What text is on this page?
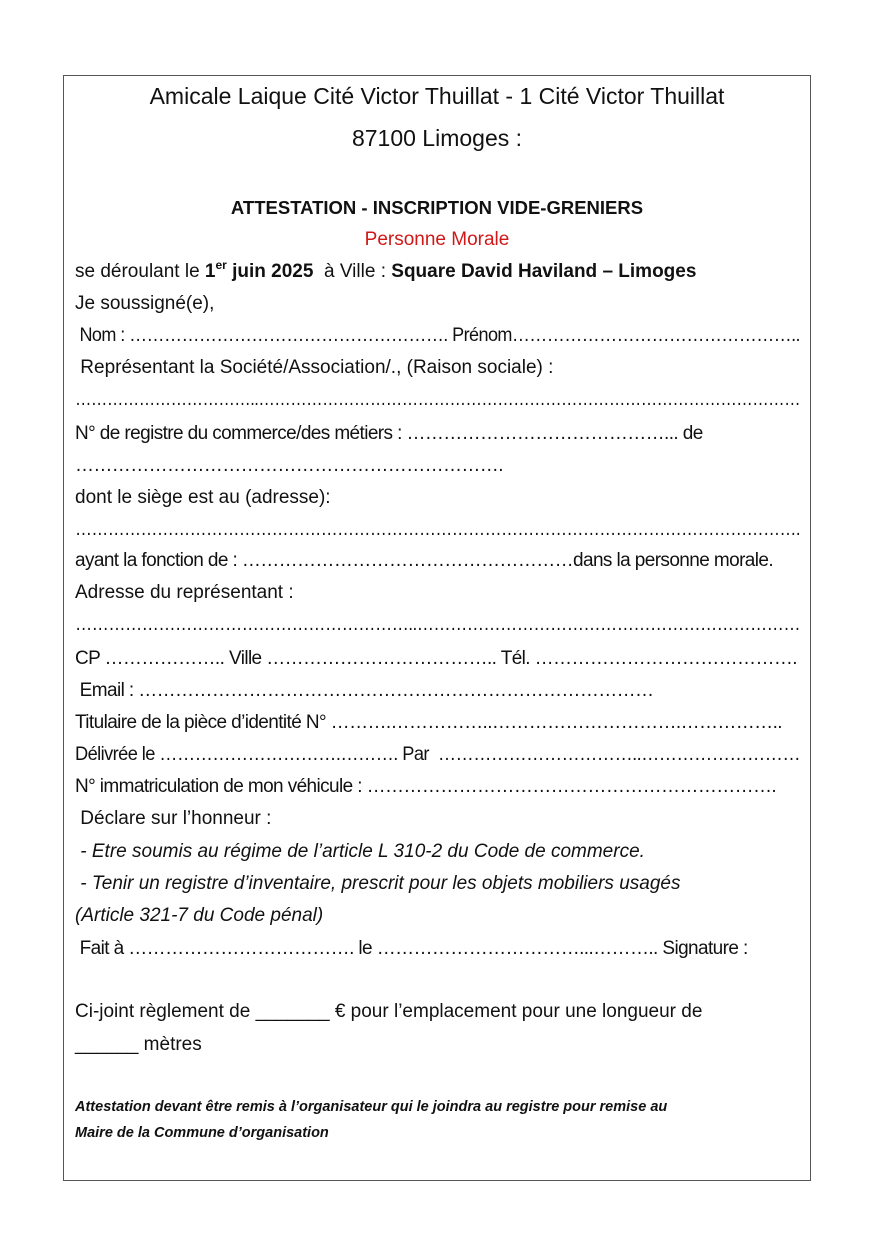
Amicale Laique Cité Victor Thuillat - 1 Cité Victor Thuillat
87100 Limoges :
ATTESTATION - INSCRIPTION VIDE-GRENIERS
Personne Morale
se déroulant le 1er juin 2025  à Ville : Square David Haviland – Limoges
Je soussigné(e),
Nom : ………………………………………………. Prénom…………………………………………..
Représentant la Société/Association/., (Raison sociale) :
……………………………..…………………………………………………………………………………………
N° de registre du commerce/des métiers : ……………………………………... de
…………………………………………………………….
dont le siège est au (adresse):
…………………………………………………………………………………………………………………….
ayant la fonction de : ………………………………………………dans la personne morale.
Adresse du représentant :
……………………………………………………..……………………………………………………………
CP ……………….. Ville ……………………………….. Tél. …………………………………….
Email : …………………………………………………………………………
Titulaire de la pièce d’identité N° ……….……………..………………………….……………..
Délivrée le ………………………….………. Par  ……………………………..………………………
N° immatriculation de mon véhicule : ………………………………………………………….
Déclare sur l’honneur :
- Etre soumis au régime de l’article L 310-2 du Code de commerce.
- Tenir un registre d’inventaire, prescrit pour les objets mobiliers usagés
(Article 321-7 du Code pénal)
Fait à ………………………………. le ……………………………...……….. Signature :
Ci-joint règlement de _______ € pour l’emplacement pour une longueur de
______ mètres
Attestation devant être remis à l’organisateur qui le joindra au registre pour remise au
Maire de la Commune d’organisation
